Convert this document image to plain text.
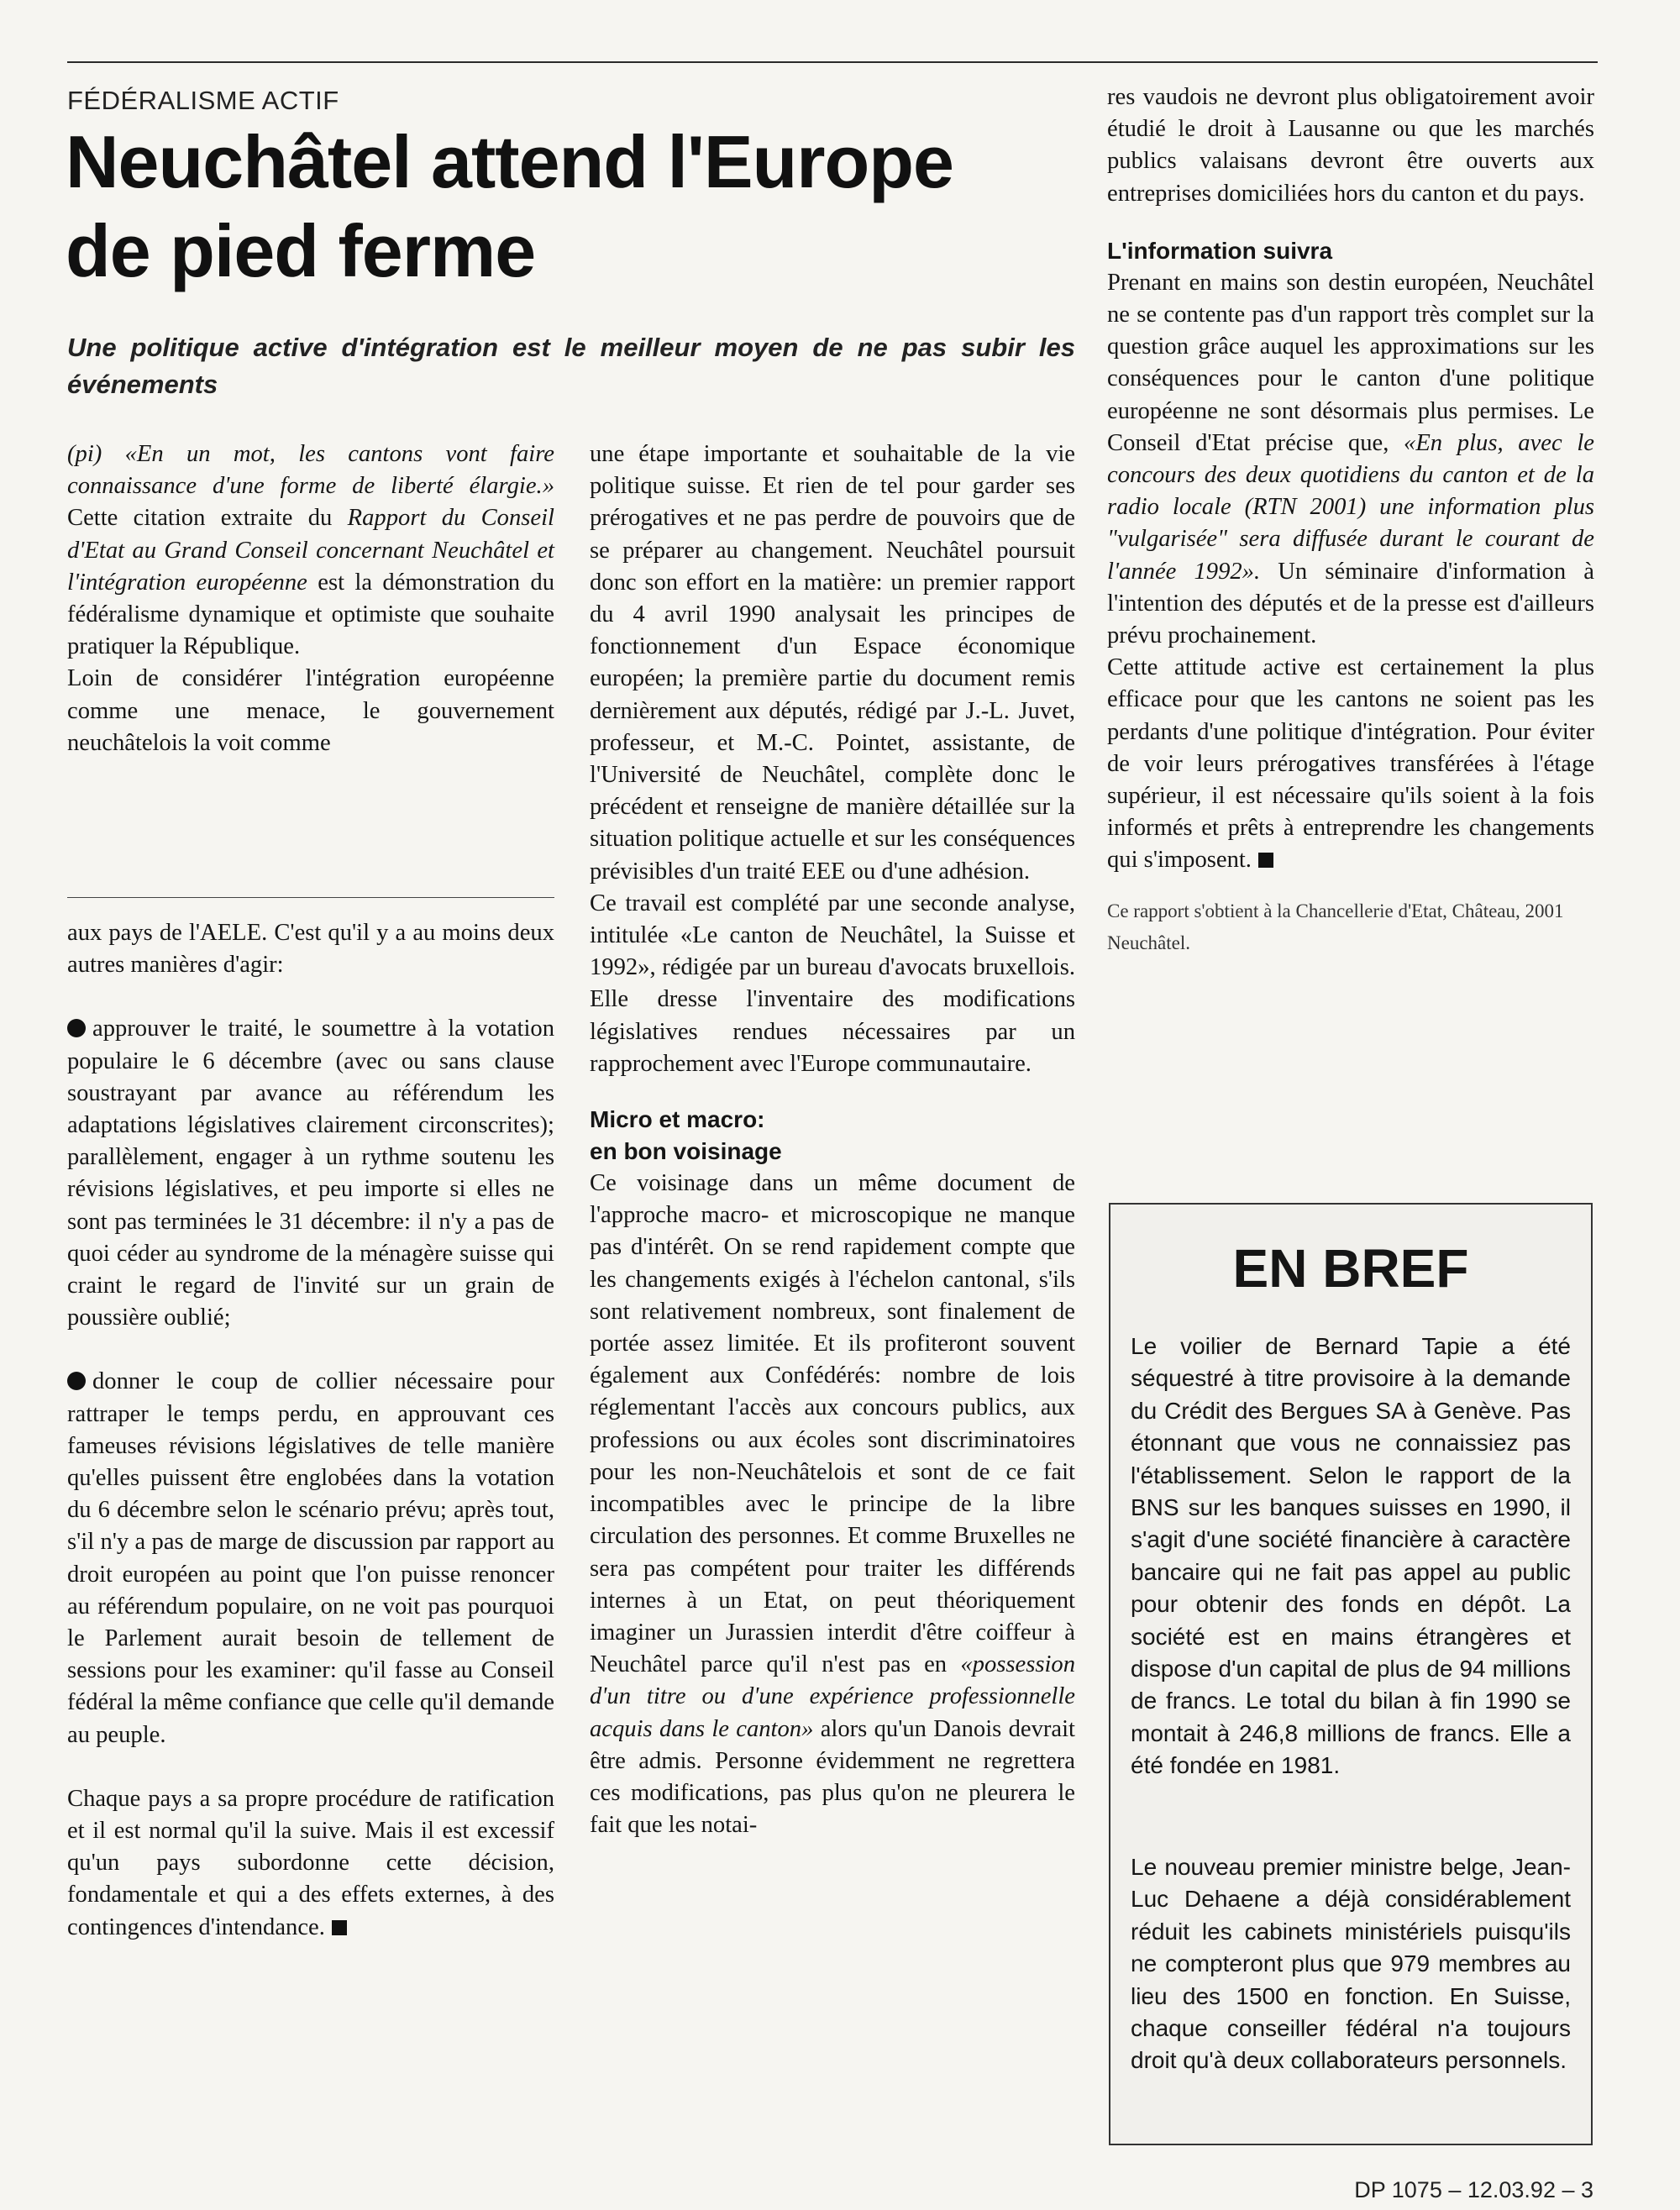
FÉDÉRALISME ACTIF
Neuchâtel attend l'Europe
de pied ferme

Une politique active d'intégration est le meilleur moyen de ne pas subir les événements

(pi) «En un mot, les cantons vont faire connaissance d'une forme de liberté élargie.» Cette citation extraite du Rapport du Conseil d'Etat au Grand Conseil concernant Neuchâtel et l'intégration européenne est la démonstration du fédéralisme dynamique et optimiste que souhaite pratiquer la République.

Loin de considérer l'intégration européenne comme une menace, le gouvernement neuchâtelois la voit comme

aux pays de l'AELE. C'est qu'il y a au moins deux autres manières d'agir:

approuver le traité, le soumettre à la votation populaire le 6 décembre (avec ou sans clause soustrayant par avance au référendum les adaptations législatives clairement circonscrites); parallèlement, engager à un rythme soutenu les révisions législatives, et peu importe si elles ne sont pas terminées le 31 décembre: il n'y a pas de quoi céder au syndrome de la ménagère suisse qui craint le regard de l'invité sur un grain de poussière oublié;

donner le coup de collier nécessaire pour rattraper le temps perdu, en approuvant ces fameuses révisions législatives de telle manière qu'elles puissent être englobées dans la votation du 6 décembre selon le scénario prévu; après tout, s'il n'y a pas de marge de discussion par rapport au droit européen au point que l'on puisse renoncer au référendum populaire, on ne voit pas pourquoi le Parlement aurait besoin de tellement de sessions pour les examiner: qu'il fasse au Conseil fédéral la même confiance que celle qu'il demande au peuple.

Chaque pays a sa propre procédure de ratification et il est normal qu'il la suive. Mais il est excessif qu'un pays subordonne cette décision, fondamentale et qui a des effets externes, à des contingences d'intendance.

une étape importante et souhaitable de la vie politique suisse. Et rien de tel pour garder ses prérogatives et ne pas perdre de pouvoirs que de se préparer au changement. Neuchâtel poursuit donc son effort en la matière: un premier rapport du 4 avril 1990 analysait les principes de fonctionnement d'un Espace économique européen; la première partie du document remis dernièrement aux députés, rédigé par J.-L. Juvet, professeur, et M.-C. Pointet, assistante, de l'Université de Neuchâtel, complète donc le précédent et renseigne de manière détaillée sur la situation politique actuelle et sur les conséquences prévisibles d'un traité EEE ou d'une adhésion.

Ce travail est complété par une seconde analyse, intitulée «Le canton de Neuchâtel, la Suisse et 1992», rédigée par un bureau d'avocats bruxellois. Elle dresse l'inventaire des modifications législatives rendues nécessaires par un rapprochement avec l'Europe communautaire.

Micro et macro:
en bon voisinage

Ce voisinage dans un même document de l'approche macro- et microscopique ne manque pas d'intérêt. On se rend rapidement compte que les changements exigés à l'échelon cantonal, s'ils sont relativement nombreux, sont finalement de portée assez limitée. Et ils profiteront souvent également aux Confédérés: nombre de lois réglementant l'accès aux concours publics, aux professions ou aux écoles sont discriminatoires pour les non-Neuchâtelois et sont de ce fait incompatibles avec le principe de la libre circulation des personnes. Et comme Bruxelles ne sera pas compétent pour traiter les différends internes à un Etat, on peut théoriquement imaginer un Jurassien interdit d'être coiffeur à Neuchâtel parce qu'il n'est pas en «possession d'un titre ou d'une expérience professionnelle acquis dans le canton» alors qu'un Danois devrait être admis. Personne évidemment ne regrettera ces modifications, pas plus qu'on ne pleurera le fait que les notai-

res vaudois ne devront plus obligatoirement avoir étudié le droit à Lausanne ou que les marchés publics valaisans devront être ouverts aux entreprises domiciliées hors du canton et du pays.

L'information suivra

Prenant en mains son destin européen, Neuchâtel ne se contente pas d'un rapport très complet sur la question grâce auquel les approximations sur les conséquences pour le canton d'une politique européenne ne sont désormais plus permises. Le Conseil d'Etat précise que, «En plus, avec le concours des deux quotidiens du canton et de la radio locale (RTN 2001) une information plus "vulgarisée" sera diffusée durant le courant de l'année 1992». Un séminaire d'information à l'intention des députés et de la presse est d'ailleurs prévu prochainement.

Cette attitude active est certainement la plus efficace pour que les cantons ne soient pas les perdants d'une politique d'intégration. Pour éviter de voir leurs prérogatives transférées à l'étage supérieur, il est nécessaire qu'ils soient à la fois informés et prêts à entreprendre les changements qui s'imposent.

Ce rapport s'obtient à la Chancellerie d'Etat, Château, 2001 Neuchâtel.

EN BREF

Le voilier de Bernard Tapie a été séquestré à titre provisoire à la demande du Crédit des Bergues SA à Genève. Pas étonnant que vous ne connaissiez pas l'établissement. Selon le rapport de la BNS sur les banques suisses en 1990, il s'agit d'une société financière à caractère bancaire qui ne fait pas appel au public pour obtenir des fonds en dépôt. La société est en mains étrangères et dispose d'un capital de plus de 94 millions de francs. Le total du bilan à fin 1990 se montait à 246,8 millions de francs. Elle a été fondée en 1981.

Le nouveau premier ministre belge, Jean-Luc Dehaene a déjà considérablement réduit les cabinets ministériels puisqu'ils ne compteront plus que 979 membres au lieu des 1500 en fonction. En Suisse, chaque conseiller fédéral n'a toujours droit qu'à deux collaborateurs personnels.

DP 1075 – 12.03.92 – 3
